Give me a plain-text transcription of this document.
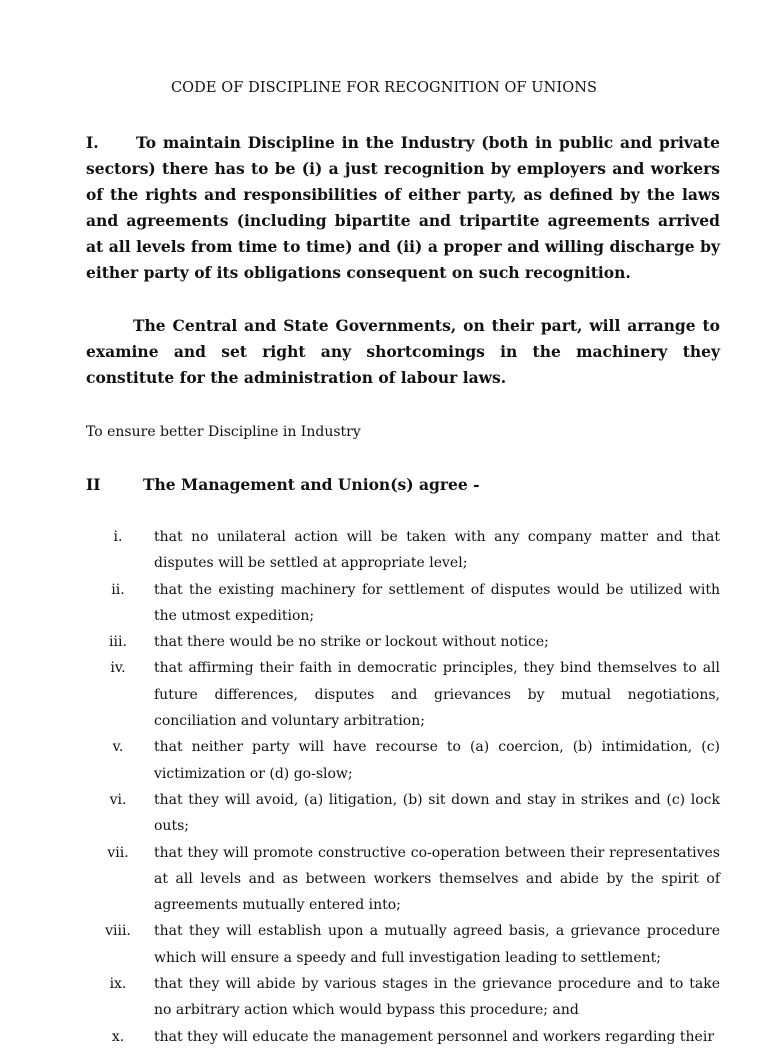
CODE OF DISCIPLINE FOR RECOGNITION OF UNIONS

I. To maintain Discipline in the Industry (both in public and private sectors) there has to be (i) a just recognition by employers and workers of the rights and responsibilities of either party, as defined by the laws and agreements (including bipartite and tripartite agreements arrived at all levels from time to time) and (ii) a proper and willing discharge by either party of its obligations consequent on such recognition.

The Central and State Governments, on their part, will arrange to examine and set right any shortcomings in the machinery they constitute for the administration of labour laws.

To ensure better Discipline in Industry
II	The Management and Union(s) agree -
i.	that no unilateral action will be taken with any company matter and that disputes will be settled at appropriate level;
ii.	that the existing machinery for settlement of disputes would be utilized with the utmost expedition;
iii.	that there would be no strike or lockout without notice;
iv.	that affirming their faith in democratic principles, they bind themselves to all future differences, disputes and grievances by mutual negotiations, conciliation and voluntary arbitration;
v.	that neither party will have recourse to (a) coercion, (b) intimidation, (c) victimization or (d) go-slow;
vi.	that they will avoid, (a) litigation, (b) sit down and stay in strikes and (c) lock outs;
vii.	that they will promote constructive co-operation between their representatives at all levels and as between workers themselves and abide by the spirit of agreements mutually entered into;
viii.	that they will establish upon a mutually agreed basis, a grievance procedure which will ensure a speedy and full investigation leading to settlement;
ix.	that they will abide by various stages in the grievance procedure and to take no arbitrary action which would bypass this procedure; and
x.	that they will educate the management personnel and workers regarding their
